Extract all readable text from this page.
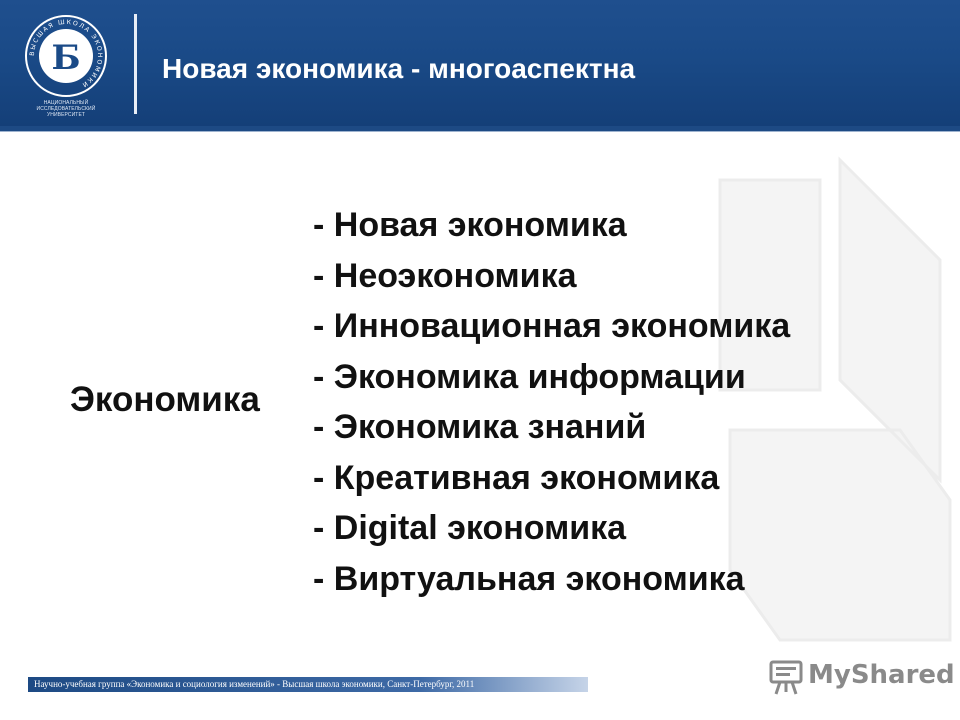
ВЫСШАЯ ШКОЛА ЭКОНОМИКИ
Б
НАЦИОНАЛЬНЫЙ ИССЛЕДОВАТЕЛЬСКИЙ УНИВЕРСИТЕТ
Новая экономика - многоаспектна
Экономика
- Новая экономика
- Неоэкономика
- Инновационная экономика
- Экономика информации
- Экономика знаний
- Креативная экономика
- Digital экономика
- Виртуальная экономика
Научно-учебная группа «Экономика и социология изменений» - Высшая школа экономики, Санкт-Петербург, 2011	MyShared
